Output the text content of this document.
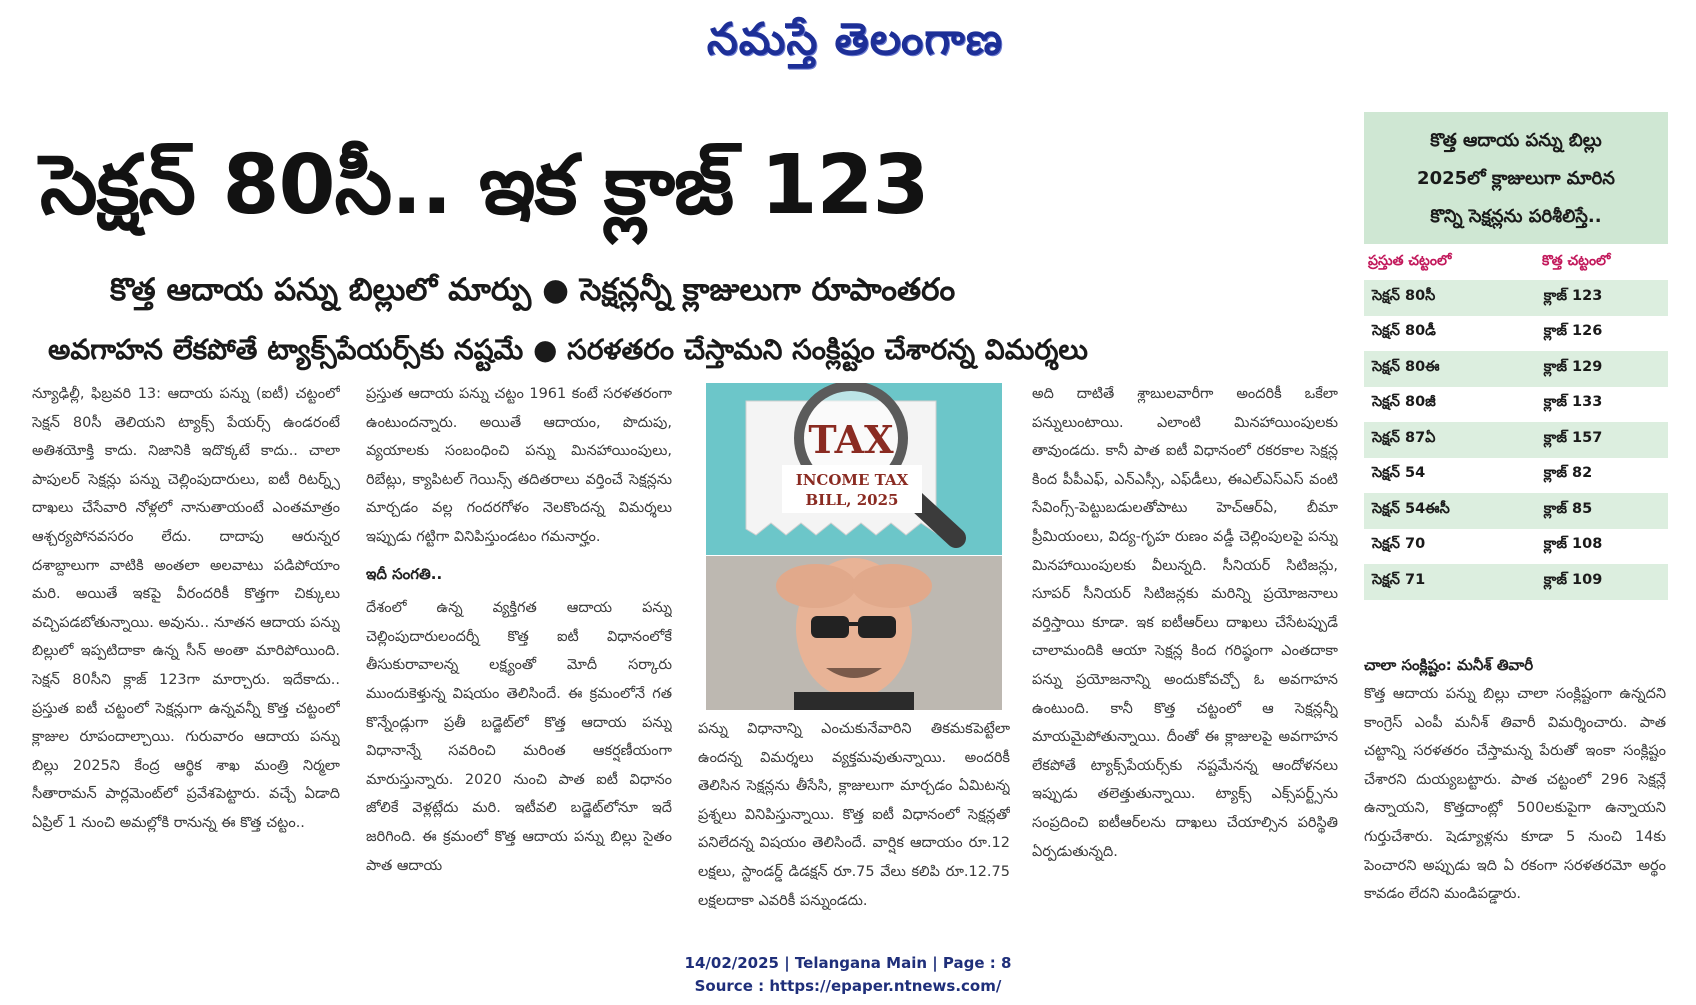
నమస్తే తెలంగాణ
సెక్షన్ 80సీ.. ఇక క్లాజ్ 123
కొత్త ఆదాయ పన్ను బిల్లులో మార్పు ● సెక్షన్లన్నీ క్లాజులుగా రూపాంతరం
అవగాహన లేకపోతే ట్యాక్స్‌పేయర్స్‌కు నష్టమే ● సరళతరం చేస్తామని సంక్లిష్టం చేశారన్న విమర్శలు

న్యూఢిల్లీ, ఫిబ్రవరి 13: ఆదాయ పన్ను (ఐటీ) చట్టంలో సెక్షన్ 80సీ తెలియని ట్యాక్స్ పేయర్స్ ఉండరంటే అతిశయోక్తి కాదు. నిజానికి ఇదొక్కటే కాదు.. చాలా పాపులర్ సెక్షన్లు పన్ను చెల్లింపుదారులు, ఐటీ రిటర్న్స్ దాఖలు చేసేవారి నోళ్లలో నానుతాయంటే ఎంతమాత్రం ఆశ్చర్యపోనవసరం లేదు. దాదాపు ఆరున్నర దశాబ్దాలుగా వాటికి అంతలా అలవాటు పడిపోయాం మరి. అయితే ఇకపై వీరందరికీ కొత్తగా చిక్కులు వచ్చిపడబోతున్నాయి. అవును.. నూతన ఆదాయ పన్ను బిల్లులో ఇప్పటిదాకా ఉన్న సీన్ అంతా మారిపోయింది. సెక్షన్ 80సీని క్లాజ్ 123గా మార్చారు. ఇదేకాదు.. ప్రస్తుత ఐటీ చట్టంలో సెక్షన్లుగా ఉన్నవన్నీ కొత్త చట్టంలో క్లాజుల రూపందాల్చాయి. గురువారం ఆదాయ పన్ను బిల్లు 2025ని కేంద్ర ఆర్థిక శాఖ మంత్రి నిర్మలా సీతారామన్ పార్లమెంట్‌లో ప్రవేశపెట్టారు. వచ్చే ఏడాది ఏప్రిల్ 1 నుంచి అమల్లోకి రానున్న ఈ కొత్త చట్టం..

ప్రస్తుత ఆదాయ పన్ను చట్టం 1961 కంటే సరళతరంగా ఉంటుందన్నారు. అయితే ఆదాయం, పొదుపు, వ్యయాలకు సంబంధించి పన్ను మినహాయింపులు, రిబేట్లు, క్యాపిటల్ గెయిన్స్ తదితరాలు వర్తించే సెక్షన్లను మార్చడం వల్ల గందరగోళం నెలకొందన్న విమర్శలు ఇప్పుడు గట్టిగా వినిపిస్తుండటం గమనార్హం.

ఇదీ సంగతి..

దేశంలో ఉన్న వ్యక్తిగత ఆదాయ పన్ను చెల్లింపుదారులందర్నీ కొత్త ఐటీ విధానంలోకే తీసుకురావాలన్న లక్ష్యంతో మోదీ సర్కారు ముందుకెళ్తున్న విషయం తెలిసిందే. ఈ క్రమంలోనే గత కొన్నేండ్లుగా ప్రతీ బడ్జెట్‌లో కొత్త ఆదాయ పన్ను విధానాన్నే సవరించి మరింత ఆకర్షణీయంగా మారుస్తున్నారు. 2020 నుంచి పాత ఐటీ విధానం జోలికే వెళ్లట్లేదు మరి. ఇటీవలి బడ్జెట్‌లోనూ ఇదే జరిగింది. ఈ క్రమంలో కొత్త ఆదాయ పన్ను బిల్లు సైతం పాత ఆదాయ

TAX
INCOME TAX
BILL, 2025

పన్ను విధానాన్ని ఎంచుకునేవారిని తికమకపెట్టేలా ఉందన్న విమర్శలు వ్యక్తమవుతున్నాయి. అందరికీ తెలిసిన సెక్షన్లను తీసేసి, క్లాజులుగా మార్చడం ఏమిటన్న ప్రశ్నలు వినిపిస్తున్నాయి. కొత్త ఐటీ విధానంలో సెక్షన్లతో పనిలేదన్న విషయం తెలిసిందే. వార్షిక ఆదాయం రూ.12 లక్షలు, స్టాండర్డ్ డిడక్షన్ రూ.75 వేలు కలిపి రూ.12.75 లక్షలదాకా ఎవరికీ పన్నుండదు.

అది దాటితే శ్లాబులవారీగా అందరికీ ఒకేలా పన్నులుంటాయి. ఎలాంటి మినహాయింపులకు తావుండదు. కానీ పాత ఐటీ విధానంలో రకరకాల సెక్షన్ల కింద పీపీఎఫ్, ఎన్ఎస్సీ, ఎఫ్‌డీలు, ఈఎల్ఎస్ఎస్ వంటి సేవింగ్స్-పెట్టుబడులతోపాటు హెచ్ఆర్ఏ, బీమా ప్రీమియంలు, విద్య-గృహ రుణం వడ్డీ చెల్లింపులపై పన్ను మినహాయింపులకు వీలున్నది. సీనియర్ సిటిజన్లు, సూపర్ సీనియర్ సిటిజన్లకు మరిన్ని ప్రయోజనాలు వర్తిస్తాయి కూడా. ఇక ఐటీఆర్‌లు దాఖలు చేసేటప్పుడే చాలామందికి ఆయా సెక్షన్ల కింద గరిష్ఠంగా ఎంతదాకా పన్ను ప్రయోజనాన్ని అందుకోవచ్చో ఓ అవగాహన ఉంటుంది. కానీ కొత్త చట్టంలో ఆ సెక్షన్లన్నీ మాయమైపోతున్నాయి. దీంతో ఈ క్లాజులపై అవగాహన లేకపోతే ట్యాక్స్‌పేయర్స్‌కు నష్టమేనన్న ఆందోళనలు ఇప్పుడు తలెత్తుతున్నాయి. ట్యాక్స్ ఎక్స్‌పర్ట్స్‌ను సంప్రదించి ఐటీఆర్‌లను దాఖలు చేయాల్సిన పరిస్థితి ఏర్పడుతున్నది.

కొత్త ఆదాయ పన్ను బిల్లు
2025లో క్లాజులుగా మారిన
కొన్ని సెక్షన్లను పరిశీలిస్తే..
ప్రస్తుత చట్టంలో	కొత్త చట్టంలో
సెక్షన్ 80సీ	క్లాజ్ 123
సెక్షన్ 80డీ	క్లాజ్ 126
సెక్షన్ 80ఈ	క్లాజ్ 129
సెక్షన్ 80జీ	క్లాజ్ 133
సెక్షన్ 87ఏ	క్లాజ్ 157
సెక్షన్ 54	క్లాజ్ 82
సెక్షన్ 54ఈసీ	క్లాజ్ 85
సెక్షన్ 70	క్లాజ్ 108
సెక్షన్ 71	క్లాజ్ 109
చాలా సంక్లిష్టం: మనీశ్ తివారీ

కొత్త ఆదాయ పన్ను బిల్లు చాలా సంక్లిష్టంగా ఉన్నదని కాంగ్రెస్ ఎంపీ మనీశ్ తివారీ విమర్శించారు. పాత చట్టాన్ని సరళతరం చేస్తామన్న పేరుతో ఇంకా సంక్లిష్టం చేశారని దుయ్యబట్టారు. పాత చట్టంలో 296 సెక్షన్లే ఉన్నాయని, కొత్తదాంట్లో 500లకుపైగా ఉన్నాయని గుర్తుచేశారు. షెడ్యూళ్లను కూడా 5 నుంచి 14కు పెంచారని అప్పుడు ఇది ఏ రకంగా సరళతరమో అర్థం కావడం లేదని మండిపడ్డారు.

14/02/2025 | Telangana Main | Page : 8
Source : https://epaper.ntnews.com/
